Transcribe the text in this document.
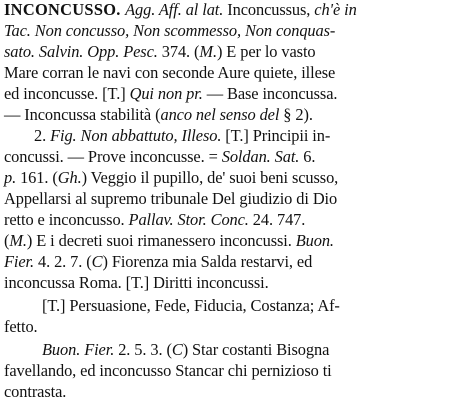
INCONCUSSO. Agg. Aff. al lat. Inconcussus, ch'è in
Tac. Non concusso, Non scommesso, Non conquas-
sato. Salvin. Opp. Pesc. 374. (M.) E per lo vasto
Mare corran le navi con seconde Aure quiete, illese
ed inconcusse. [T.] Qui non pr. — Base inconcussa.
— Inconcussa stabilità (anco nel senso del § 2).
2. Fig. Non abbattuto, Illeso. [T.] Principii in-
concussi. — Prove inconcusse. = Soldan. Sat. 6.
p. 161. (Gh.) Veggio il pupillo, de' suoi beni scusso,
Appellarsi al supremo tribunale Del giudizio di Dio
retto e inconcusso. Pallav. Stor. Conc. 24. 747.
(M.) E i decreti suoi rimanessero inconcussi. Buon.
Fier. 4. 2. 7. (C) Fiorenza mia Salda restarvi, ed
inconcussa Roma. [T.] Diritti inconcussi.
[T.] Persuasione, Fede, Fiducia, Costanza; Af-
fetto.
Buon. Fier. 2. 5. 3. (C) Star costanti Bisogna
favellando, ed inconcusso Stancar chi pernizioso ti
contrasta.
